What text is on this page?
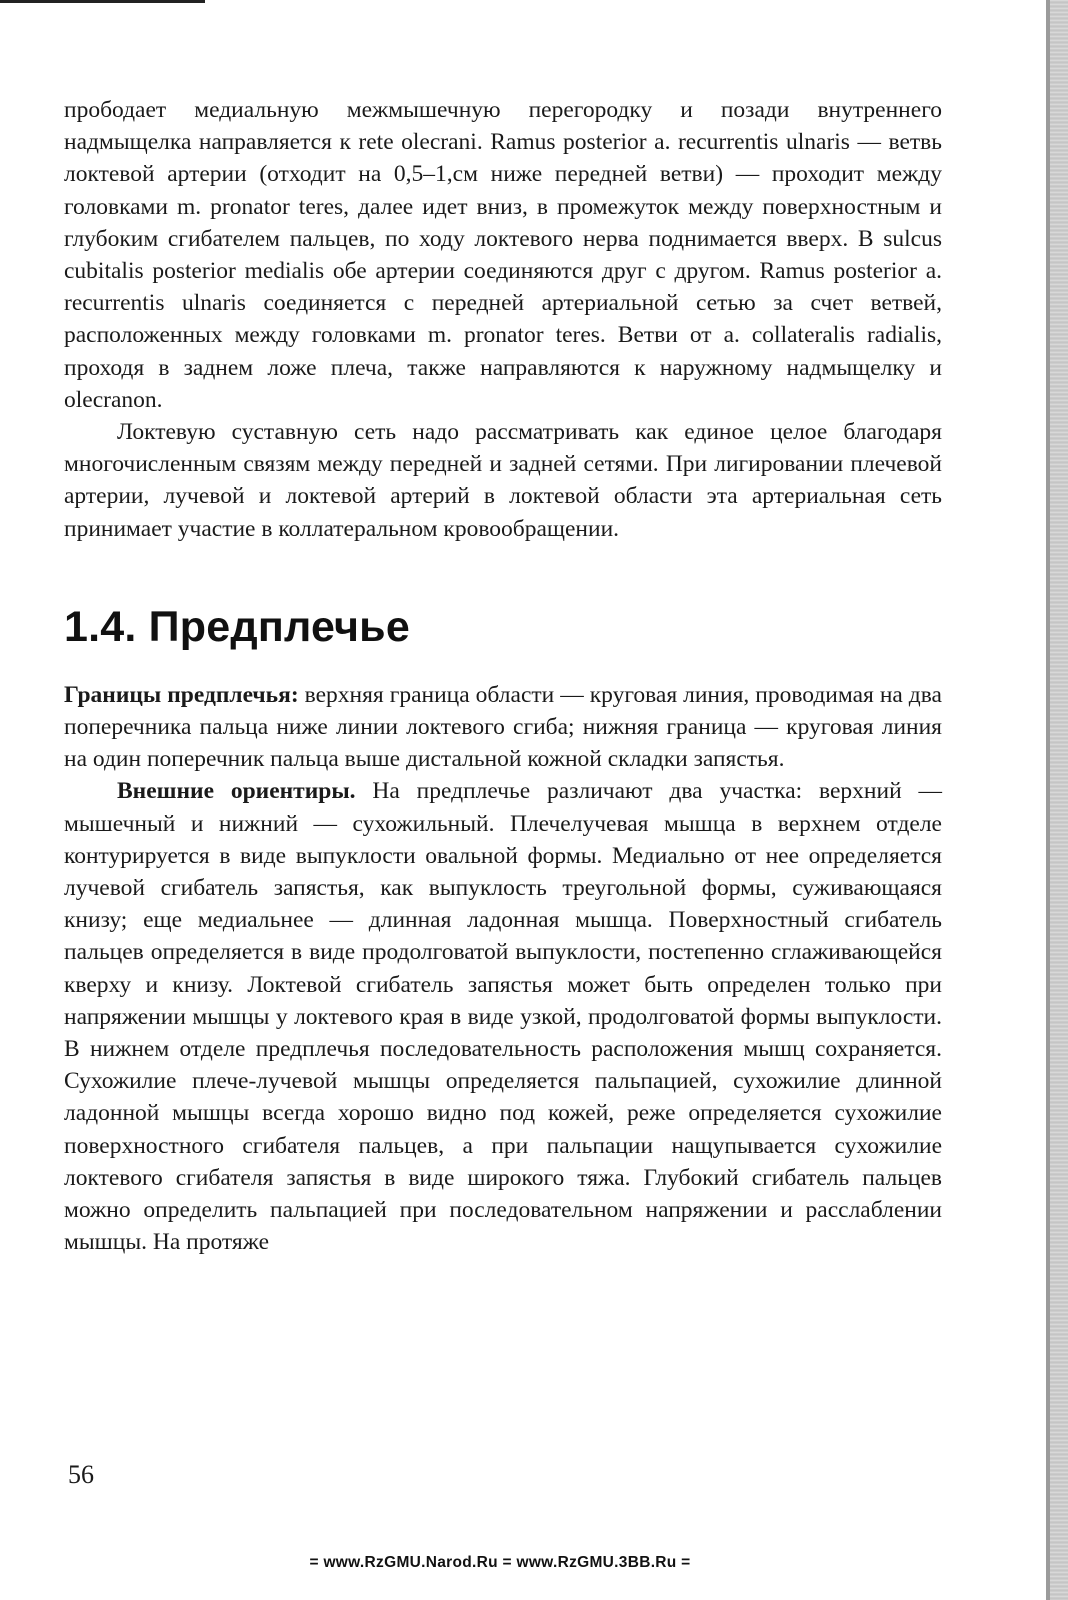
прободает медиальную межмышечную перегородку и позади внутреннего надмыщелка направляется к rete olecrani. Ramus posterior a. recurrentis ulnaris — ветвь локтевой артерии (отходит на 0,5–1,см ниже передней ветви) — проходит между головками m. pronator teres, далее идет вниз, в промежуток между поверхностным и глубоким сгибателем пальцев, по ходу локтевого нерва поднимается вверх. В sulcus cubitalis posterior medialis обе артерии соединяются друг с другом. Ramus posterior a. recurrentis ulnaris соединяется с передней артериальной сетью за счет ветвей, расположенных между головками m. pronator teres. Ветви от a. collateralis radialis, проходя в заднем ложе плеча, также направляются к наружному надмыщелку и olecranon.

Локтевую суставную сеть надо рассматривать как единое целое благодаря многочисленным связям между передней и задней сетями. При лигировании плечевой артерии, лучевой и локтевой артерий в локтевой области эта артериальная сеть принимает участие в коллатеральном кровообращении.

1.4. Предплечье

Границы предплечья: верхняя граница области — круговая линия, проводимая на два поперечника пальца ниже линии локтевого сгиба; нижняя граница — круговая линия на один поперечник пальца выше дистальной кожной складки запястья.

Внешние ориентиры. На предплечье различают два участка: верхний — мышечный и нижний — сухожильный. Плечелучевая мышца в верхнем отделе контурируется в виде выпуклости овальной формы. Медиально от нее определяется лучевой сгибатель запястья, как выпуклость треугольной формы, суживающаяся книзу; еще медиальнее — длинная ладонная мышца. Поверхностный сгибатель пальцев определяется в виде продолговатой выпуклости, постепенно сглаживающейся кверху и книзу. Локтевой сгибатель запястья может быть определен только при напряжении мышцы у локтевого края в виде узкой, продолговатой формы выпуклости. В нижнем отделе предплечья последовательность расположения мышц сохраняется. Сухожилие плече-лучевой мышцы определяется пальпацией, сухожилие длинной ладонной мышцы всегда хорошо видно под кожей, реже определяется сухожилие поверхностного сгибателя пальцев, а при пальпации нащупывается сухожилие локтевого сгибателя запястья в виде широкого тяжа. Глубокий сгибатель пальцев можно определить пальпацией при последовательном напряжении и расслаблении мышцы. На протяже

56
= www.RzGMU.Narod.Ru = www.RzGMU.3BB.Ru =
